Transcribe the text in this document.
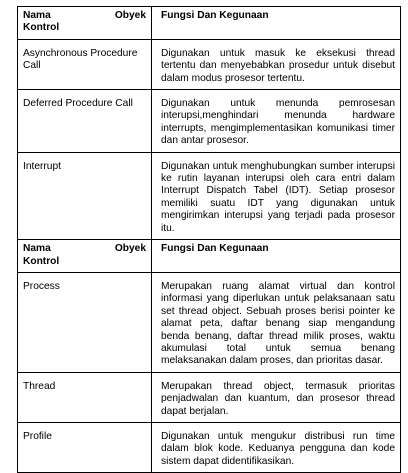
Nama Obyek
Kontrol	Fungsi Dan Kegunaan
Asynchronous Procedure Call	Digunakan untuk masuk ke eksekusi thread tertentu dan menyebabkan prosedur untuk disebut dalam modus prosesor tertentu.
Deferred Procedure Call	Digunakan untuk menunda pemrosesan interupsi,menghindari menunda hardware interrupts, mengimplementasikan komunikasi timer dan antar prosesor.
Interrupt	Digunakan untuk menghubungkan sumber interupsi ke rutin layanan interupsi oleh cara entri dalam Interrupt Dispatch Tabel (IDT). Setiap prosesor memiliki suatu IDT yang digunakan untuk mengirimkan interupsi yang terjadi pada prosesor itu.

Nama Obyek
Kontrol	Fungsi Dan Kegunaan
Process	Merupakan ruang alamat virtual dan kontrol informasi yang diperlukan untuk pelaksanaan satu set thread object. Sebuah proses berisi pointer ke alamat peta, daftar benang siap mengandung benda benang, daftar thread milik proses, waktu akumulasi total untuk semua benang melaksanakan dalam proses, dan prioritas dasar.
Thread	Merupakan thread object, termasuk prioritas penjadwalan dan kuantum, dan prosesor thread dapat berjalan.
Profile	Digunakan untuk mengukur distribusi run time dalam blok kode. Keduanya pengguna dan kode sistem dapat didentifikasikan.
